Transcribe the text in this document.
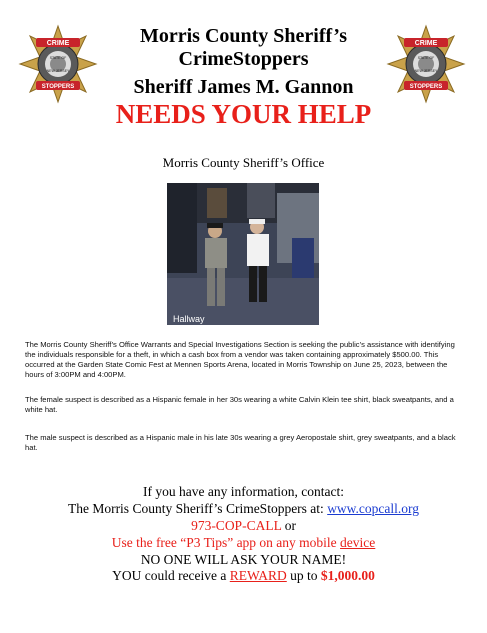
CRIME
STOPPERS
STATE OF
NEW JERSEY
CRIME
STOPPERS
STATE OF
NEW JERSEY
Morris County Sheriff’s
CrimeStoppers
Sheriff James M. Gannon
NEEDS YOUR HELP
Morris County Sheriff’s Office
Hallway
The Morris County Sheriff’s Office Warrants and Special Investigations Section is seeking the public’s assistance with identifying the individuals responsible for a theft, in which a cash box from a vendor was taken containing approximately $500.00. This occurred at the Garden State Comic Fest at Mennen Sports Arena, located in Morris Township on June 25, 2023, between the hours of 3:00PM and 4:00PM.
The female suspect is described as a Hispanic female in her 30s wearing a white Calvin Klein tee shirt, black sweatpants, and a white hat.
The male suspect is described as a Hispanic male in his late 30s wearing a grey Aeropostale shirt, grey sweatpants, and a black hat.
If you have any information, contact:
The Morris County Sheriff’s CrimeStoppers at: www.copcall.org
973-COP-CALL or
Use the free “P3 Tips” app on any mobile device
NO ONE WILL ASK YOUR NAME!
YOU could receive a REWARD up to $1,000.00
